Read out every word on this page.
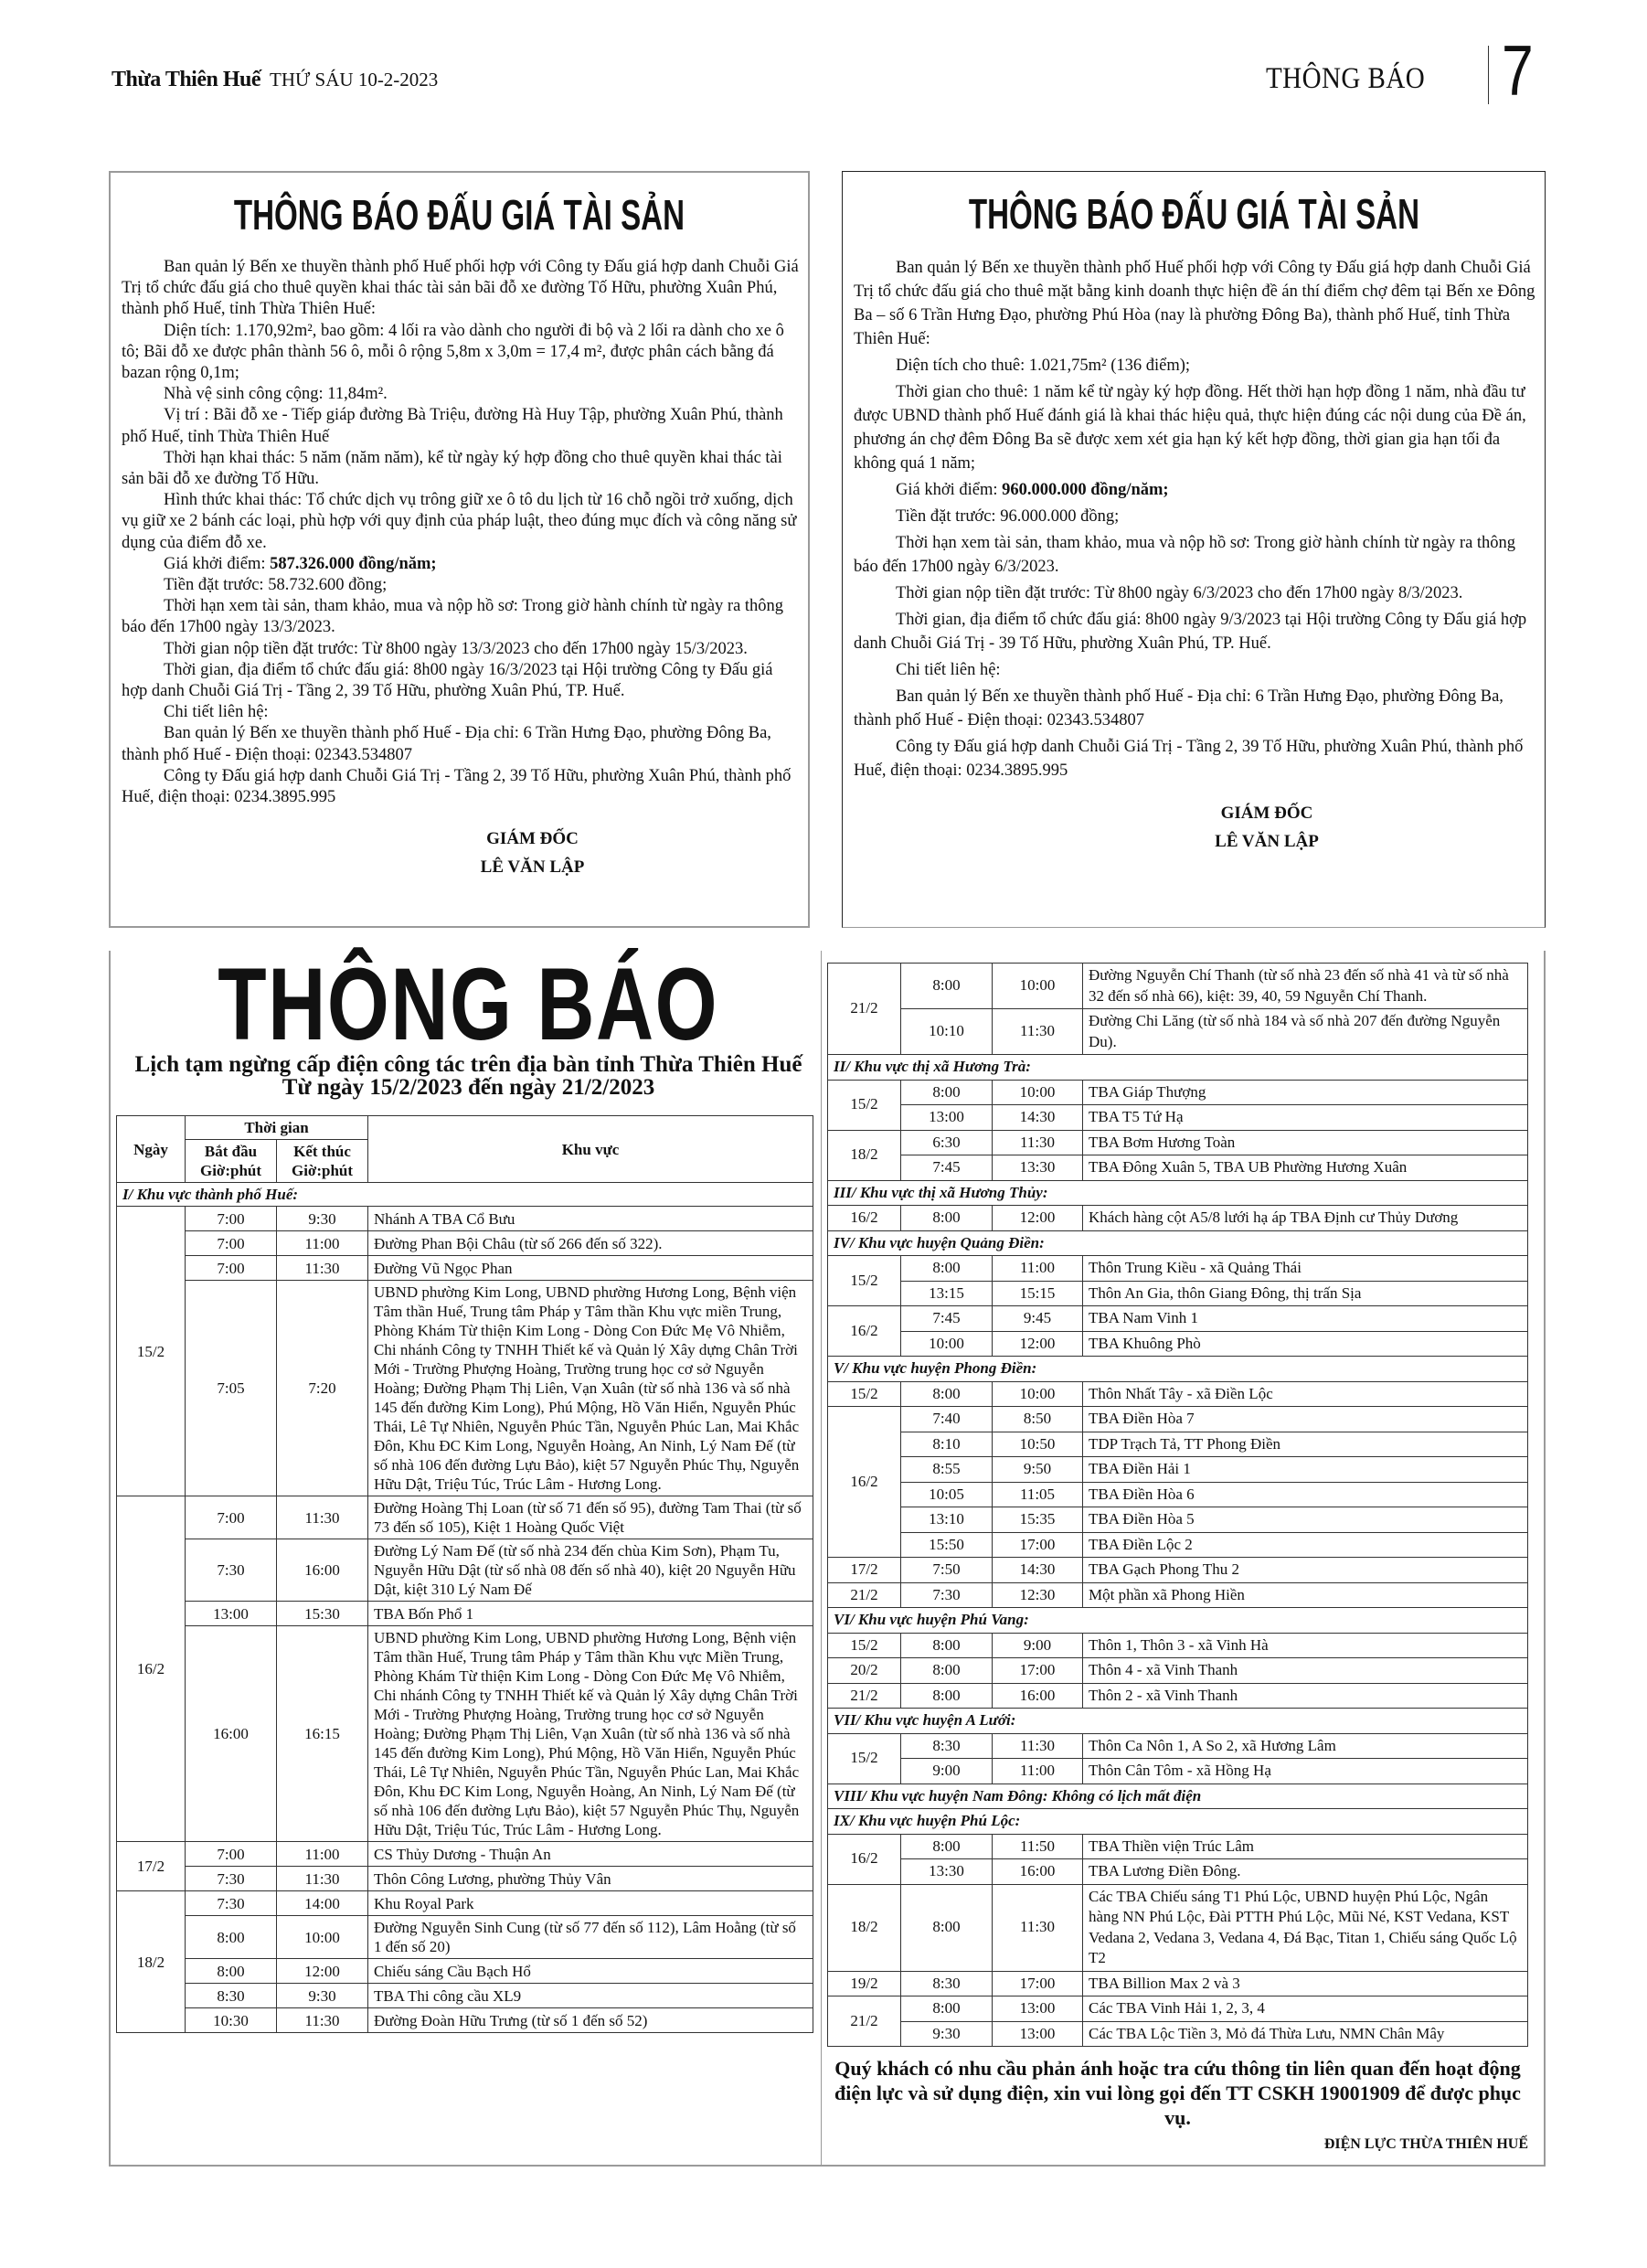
Thừa Thiên Huế THỨ SÁU 10-2-2023	THÔNG BÁO 7
THÔNG BÁO ĐẤU GIÁ TÀI SẢN

Ban quản lý Bến xe thuyền thành phố Huế phối hợp với Công ty Đấu giá hợp danh Chuỗi Giá Trị tổ chức đấu giá cho thuê quyền khai thác tài sản bãi đỗ xe đường Tố Hữu, phường Xuân Phú, thành phố Huế, tỉnh Thừa Thiên Huế:

Diện tích: 1.170,92m², bao gồm: 4 lối ra vào dành cho người đi bộ và 2 lối ra dành cho xe ô tô; Bãi đỗ xe được phân thành 56 ô, mỗi ô rộng 5,8m x 3,0m = 17,4 m², được phân cách bằng đá bazan rộng 0,1m;

Nhà vệ sinh công cộng: 11,84m².

Vị trí : Bãi đỗ xe - Tiếp giáp đường Bà Triệu, đường Hà Huy Tập, phường Xuân Phú, thành phố Huế, tỉnh Thừa Thiên Huế

Thời hạn khai thác: 5 năm (năm năm), kể từ ngày ký hợp đồng cho thuê quyền khai thác tài sản bãi đỗ xe đường Tố Hữu.

Hình thức khai thác: Tổ chức dịch vụ trông giữ xe ô tô du lịch từ 16 chỗ ngồi trở xuống, dịch vụ giữ xe 2 bánh các loại, phù hợp với quy định của pháp luật, theo đúng mục đích và công năng sử dụng của điểm đỗ xe.

Giá khởi điểm: 587.326.000 đồng/năm;

Tiền đặt trước: 58.732.600 đồng;

Thời hạn xem tài sản, tham khảo, mua và nộp hồ sơ: Trong giờ hành chính từ ngày ra thông báo đến 17h00 ngày 13/3/2023.

Thời gian nộp tiền đặt trước: Từ 8h00 ngày 13/3/2023 cho đến 17h00 ngày 15/3/2023.

Thời gian, địa điểm tổ chức đấu giá: 8h00 ngày 16/3/2023 tại Hội trường Công ty Đấu giá hợp danh Chuỗi Giá Trị - Tầng 2, 39 Tố Hữu, phường Xuân Phú, TP. Huế.

Chi tiết liên hệ:

Ban quản lý Bến xe thuyền thành phố Huế - Địa chỉ: 6 Trần Hưng Đạo, phường Đông Ba, thành phố Huế - Điện thoại: 02343.534807

Công ty Đấu giá hợp danh Chuỗi Giá Trị - Tầng 2, 39 Tố Hữu, phường Xuân Phú, thành phố Huế, điện thoại: 0234.3895.995

GIÁM ĐỐC
LÊ VĂN LẬP
THÔNG BÁO ĐẤU GIÁ TÀI SẢN

Ban quản lý Bến xe thuyền thành phố Huế phối hợp với Công ty Đấu giá hợp danh Chuỗi Giá Trị tổ chức đấu giá cho thuê mặt bằng kinh doanh thực hiện đề án thí điểm chợ đêm tại Bến xe Đông Ba – số 6 Trần Hưng Đạo, phường Phú Hòa (nay là phường Đông Ba), thành phố Huế, tỉnh Thừa Thiên Huế:

Diện tích cho thuê: 1.021,75m² (136 điểm);

Thời gian cho thuê: 1 năm kể từ ngày ký hợp đồng. Hết thời hạn hợp đồng 1 năm, nhà đầu tư được UBND thành phố Huế đánh giá là khai thác hiệu quả, thực hiện đúng các nội dung của Đề án, phương án chợ đêm Đông Ba sẽ được xem xét gia hạn ký kết hợp đồng, thời gian gia hạn tối đa không quá 1 năm;

Giá khởi điểm: 960.000.000 đồng/năm;

Tiền đặt trước: 96.000.000 đồng;

Thời hạn xem tài sản, tham khảo, mua và nộp hồ sơ: Trong giờ hành chính từ ngày ra thông báo đến 17h00 ngày 6/3/2023.

Thời gian nộp tiền đặt trước: Từ 8h00 ngày 6/3/2023 cho đến 17h00 ngày 8/3/2023.

Thời gian, địa điểm tổ chức đấu giá: 8h00 ngày 9/3/2023 tại Hội trường Công ty Đấu giá hợp danh Chuỗi Giá Trị - 39 Tố Hữu, phường Xuân Phú, TP. Huế.

Chi tiết liên hệ:

Ban quản lý Bến xe thuyền thành phố Huế - Địa chỉ: 6 Trần Hưng Đạo, phường Đông Ba, thành phố Huế - Điện thoại: 02343.534807

Công ty Đấu giá hợp danh Chuỗi Giá Trị - Tầng 2, 39 Tố Hữu, phường Xuân Phú, thành phố Huế, điện thoại: 0234.3895.995

GIÁM ĐỐC
LÊ VĂN LẬP
THÔNG BÁO
Lịch tạm ngừng cấp điện công tác trên địa bàn tỉnh Thừa Thiên Huế
Từ ngày 15/2/2023 đến ngày 21/2/2023
Ngày	Thời gian		Khu vực
	Bắt đầu Giờ:phút	Kết thúc Giờ:phút	
I/ Khu vực thành phố Huế:			
15/2	7:00	9:30	Nhánh A TBA Cổ Bưu
	7:00	11:00	Đường Phan Bội Châu (từ số 266 đến số 322).
	7:00	11:30	Đường Vũ Ngọc Phan
	7:05	7:20	UBND phường Kim Long, UBND phường Hương Long, Bệnh viện Tâm thần Huế, Trung tâm Pháp y Tâm thần Khu vực miền Trung, Phòng Khám Từ thiện Kim Long - Dòng Con Đức Mẹ Vô Nhiễm, Chi nhánh Công ty TNHH Thiết kế và Quản lý Xây dựng Chân Trời Mới - Trường Phượng Hoàng, Trường trung học cơ sở Nguyễn Hoàng; Đường Phạm Thị Liên, Vạn Xuân (từ số nhà 136 và số nhà 145 đến đường Kim Long), Phú Mộng, Hồ Văn Hiển, Nguyễn Phúc Thái, Lê Tự Nhiên, Nguyễn Phúc Tần, Nguyễn Phúc Lan, Mai Khắc Đôn, Khu ĐC Kim Long, Nguyễn Hoàng, An Ninh, Lý Nam Đế (từ số nhà 106 đến đường Lựu Bảo), kiệt 57 Nguyễn Phúc Thụ, Nguyễn Hữu Dật, Triệu Túc, Trúc Lâm - Hương Long.
16/2	7:00	11:30	Đường Hoàng Thị Loan (từ số 71 đến số 95), đường Tam Thai (từ số 73 đến số 105), Kiệt 1 Hoàng Quốc Việt
	7:30	16:00	Đường Lý Nam Đế (từ số nhà 234 đến chùa Kim Sơn), Phạm Tu, Nguyễn Hữu Dật (từ số nhà 08 đến số nhà 40), kiệt 20 Nguyễn Hữu Dật, kiệt 310 Lý Nam Đế
	13:00	15:30	TBA Bốn Phổ 1
	16:00	16:15	UBND phường Kim Long, UBND phường Hương Long, Bệnh viện Tâm thần Huế, Trung tâm Pháp y Tâm thần Khu vực Miền Trung, Phòng Khám Từ thiện Kim Long - Dòng Con Đức Mẹ Vô Nhiễm, Chi nhánh Công ty TNHH Thiết kế và Quản lý Xây dựng Chân Trời Mới - Trường Phượng Hoàng, Trường trung học cơ sở Nguyễn Hoàng; Đường Phạm Thị Liên, Vạn Xuân (từ số nhà 136 và số nhà 145 đến đường Kim Long), Phú Mộng, Hồ Văn Hiển, Nguyễn Phúc Thái, Lê Tự Nhiên, Nguyễn Phúc Tần, Nguyễn Phúc Lan, Mai Khắc Đôn, Khu ĐC Kim Long, Nguyễn Hoàng, An Ninh, Lý Nam Đế (từ số nhà 106 đến đường Lựu Bảo), kiệt 57 Nguyễn Phúc Thụ, Nguyễn Hữu Dật, Triệu Túc, Trúc Lâm - Hương Long.
17/2	7:00	11:00	CS Thủy Dương - Thuận An
	7:30	11:30	Thôn Công Lương, phường Thủy Vân
18/2	7:30	14:00	Khu Royal Park
	8:00	10:00	Đường Nguyễn Sinh Cung (từ số 77 đến số 112), Lâm Hoằng (từ số 1 đến số 20)
	8:00	12:00	Chiếu sáng Cầu Bạch Hổ
	8:30	9:30	TBA Thi công cầu XL9
	10:30	11:30	Đường Đoàn Hữu Trưng (từ số 1 đến số 52)
21/2	8:00	10:00	Đường Nguyễn Chí Thanh (từ số nhà 23 đến số nhà 41 và từ số nhà 32 đến số nhà 66), kiệt: 39, 40, 59 Nguyễn Chí Thanh.
	10:10	11:30	Đường Chi Lăng (từ số nhà 184 và số nhà 207 đến đường Nguyễn Du).
II/ Khu vực thị xã Hương Trà:			
15/2	8:00	10:00	TBA Giáp Thượng
	13:00	14:30	TBA T5 Tứ Hạ
18/2	6:30	11:30	TBA Bơm Hương Toàn
	7:45	13:30	TBA Đông Xuân 5, TBA UB Phường Hương Xuân
III/ Khu vực thị xã Hương Thủy:			
16/2	8:00	12:00	Khách hàng cột A5/8 lưới hạ áp TBA Định cư Thủy Dương
IV/ Khu vực huyện Quảng Điền:			
15/2	8:00	11:00	Thôn Trung Kiều - xã Quảng Thái
	13:15	15:15	Thôn An Gia, thôn Giang Đông, thị trấn Sịa
16/2	7:45	9:45	TBA Nam Vinh 1
	10:00	12:00	TBA Khuông Phò
V/ Khu vực huyện Phong Điền:			
15/2	8:00	10:00	Thôn Nhất Tây - xã Điền Lộc
16/2	7:40	8:50	TBA Điền Hòa 7
	8:10	10:50	TDP Trạch Tả, TT Phong Điền
	8:55	9:50	TBA Điền Hải 1
	10:05	11:05	TBA Điền Hòa 6
	13:10	15:35	TBA Điền Hòa 5
	15:50	17:00	TBA Điền Lộc 2
17/2	7:50	14:30	TBA Gạch Phong Thu 2
21/2	7:30	12:30	Một phần xã Phong Hiền
VI/ Khu vực huyện Phú Vang:			
15/2	8:00	9:00	Thôn 1, Thôn 3 - xã Vinh Hà
20/2	8:00	17:00	Thôn 4 - xã Vinh Thanh
21/2	8:00	16:00	Thôn 2 - xã Vinh Thanh
VII/ Khu vực huyện A Lưới:			
15/2	8:30	11:30	Thôn Ca Nôn 1, A So 2, xã Hương Lâm
	9:00	11:00	Thôn Cân Tôm - xã Hồng Hạ
VIII/ Khu vực huyện Nam Đông: Không có lịch mất điện			
IX/ Khu vực huyện Phú Lộc:			
16/2	8:00	11:50	TBA Thiền viện Trúc Lâm
	13:30	16:00	TBA Lương Điền Đông.
18/2	8:00	11:30	Các TBA Chiếu sáng T1 Phú Lộc, UBND huyện Phú Lộc, Ngân hàng NN Phú Lộc, Đài PTTH Phú Lộc, Mũi Né, KST Vedana, KST Vedana 2, Vedana 3, Vedana 4, Đá Bạc, Titan 1, Chiếu sáng Quốc Lộ T2
19/2	8:30	17:00	TBA Billion Max 2 và 3
21/2	8:00	13:00	Các TBA Vinh Hải 1, 2, 3, 4
	9:30	13:00	Các TBA Lộc Tiền 3, Mỏ đá Thừa Lưu, NMN Chân Mây
Quý khách có nhu cầu phản ánh hoặc tra cứu thông tin liên quan đến hoạt động điện lực và sử dụng điện, xin vui lòng gọi đến TT CSKH 19001909 để được phục vụ.
ĐIỆN LỰC THỪA THIÊN HUẾ
